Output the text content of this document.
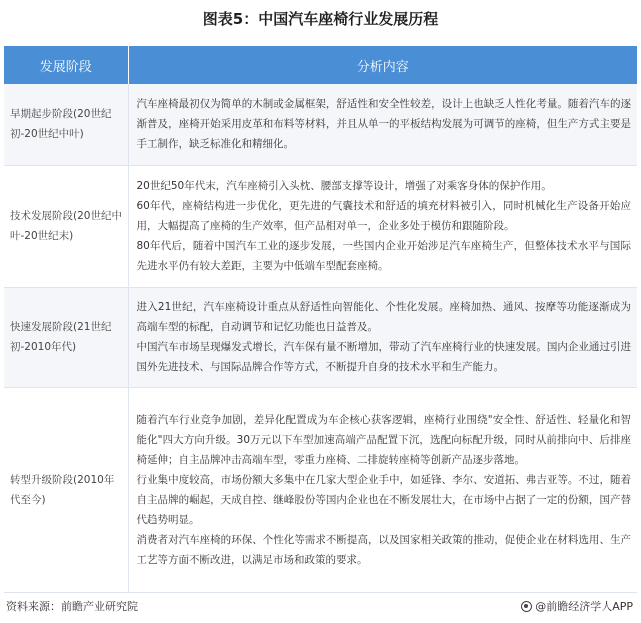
图表5：中国汽车座椅行业发展历程
发展阶段	分析内容
早期起步阶段(20世纪初-20世纪中叶)	汽车座椅最初仅为简单的木制或金属框架，舒适性和安全性较差，设计上也缺乏人性化考量。随着汽车的逐渐普及，座椅开始采用皮革和布料等材料，并且从单一的平板结构发展为可调节的座椅，但生产方式主要是手工制作，缺乏标准化和精细化。

技术发展阶段(20世纪中叶-20世纪末)	20世纪50年代末，汽车座椅引入头枕、腰部支撑等设计，增强了对乘客身体的保护作用。
60年代，座椅结构进一步优化，更先进的气囊技术和舒适的填充材料被引入，同时机械化生产设备开始应用，大幅提高了座椅的生产效率，但产品相对单一，企业多处于模仿和跟随阶段。
80年代后，随着中国汽车工业的逐步发展，一些国内企业开始涉足汽车座椅生产，但整体技术水平与国际先进水平仍有较大差距，主要为中低端车型配套座椅。

快速发展阶段(21世纪初-2010年代)	进入21世纪，汽车座椅设计重点从舒适性向智能化、个性化发展。座椅加热、通风、按摩等功能逐渐成为高端车型的标配，自动调节和记忆功能也日益普及。
中国汽车市场呈现爆发式增长，汽车保有量不断增加，带动了汽车座椅行业的快速发展。国内企业通过引进国外先进技术、与国际品牌合作等方式，不断提升自身的技术水平和生产能力。

转型升级阶段(2010年代至今)	随着汽车行业竞争加剧，差异化配置成为车企核心获客逻辑，座椅行业围绕"安全性、舒适性、轻量化和智能化"四大方向升级。30万元以下车型加速高端产品配置下沉，选配向标配升级，同时从前排向中、后排座椅延伸；自主品牌冲击高端车型，零重力座椅、二排旋转座椅等创新产品逐步落地。
行业集中度较高，市场份额大多集中在几家大型企业手中，如延锋、李尔、安道拓、弗吉亚等。不过，随着自主品牌的崛起，天成自控、继峰股份等国内企业也在不断发展壮大，在市场中占据了一定的份额，国产替代趋势明显。
消费者对汽车座椅的环保、个性化等需求不断提高，以及国家相关政策的推动，促使企业在材料选用、生产工艺等方面不断改进，以满足市场和政策的要求。
资料来源：前瞻产业研究院	@前瞻经济学人APP
